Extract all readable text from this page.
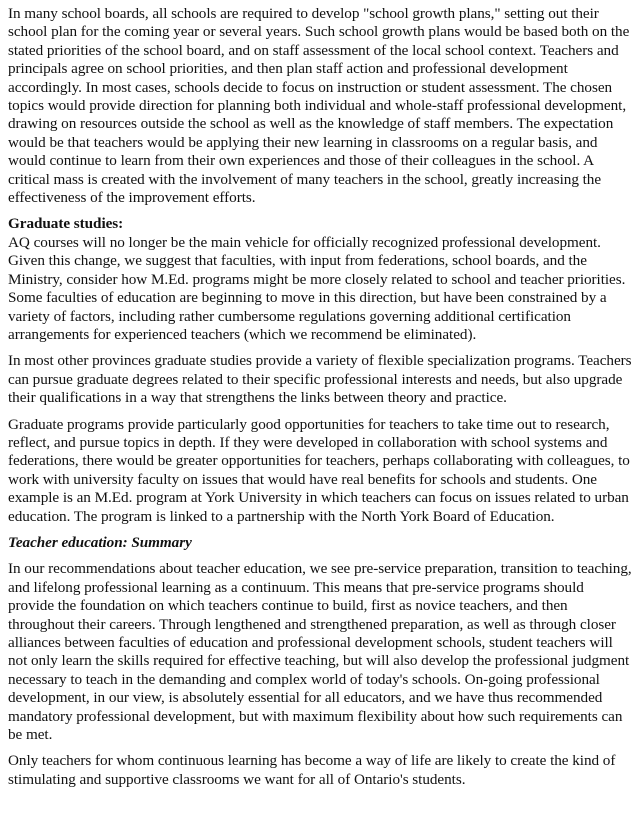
In many school boards, all schools are required to develop "school growth plans," setting out their school plan for the coming year or several years. Such school growth plans would be based both on the stated priorities of the school board, and on staff assessment of the local school context. Teachers and principals agree on school priorities, and then plan staff action and professional development accordingly. In most cases, schools decide to focus on instruction or student assessment. The chosen topics would provide direction for planning both individual and whole-staff professional development, drawing on resources outside the school as well as the knowledge of staff members. The expectation would be that teachers would be applying their new learning in classrooms on a regular basis, and would continue to learn from their own experiences and those of their colleagues in the school. A critical mass is created with the involvement of many teachers in the school, greatly increasing the effectiveness of the improvement efforts.

Graduate studies:

AQ courses will no longer be the main vehicle for officially recognized professional development. Given this change, we suggest that faculties, with input from federations, school boards, and the Ministry, consider how M.Ed. programs might be more closely related to school and teacher priorities. Some faculties of education are beginning to move in this direction, but have been constrained by a variety of factors, including rather cumbersome regulations governing additional certification arrangements for experienced teachers (which we recommend be eliminated).

In most other provinces graduate studies provide a variety of flexible specialization programs. Teachers can pursue graduate degrees related to their specific professional interests and needs, but also upgrade their qualifications in a way that strengthens the links between theory and practice.

Graduate programs provide particularly good opportunities for teachers to take time out to research, reflect, and pursue topics in depth. If they were developed in collaboration with school systems and federations, there would be greater opportunities for teachers, perhaps collaborating with colleagues, to work with university faculty on issues that would have real benefits for schools and students. One example is an M.Ed. program at York University in which teachers can focus on issues related to urban education. The program is linked to a partnership with the North York Board of Education.

Teacher education: Summary

In our recommendations about teacher education, we see pre-service preparation, transition to teaching, and lifelong professional learning as a continuum. This means that pre-service programs should provide the foundation on which teachers continue to build, first as novice teachers, and then throughout their careers. Through lengthened and strengthened preparation, as well as through closer alliances between faculties of education and professional development schools, student teachers will not only learn the skills required for effective teaching, but will also develop the professional judgment necessary to teach in the demanding and complex world of today's schools. On-going professional development, in our view, is absolutely essential for all educators, and we have thus recommended mandatory professional development, but with maximum flexibility about how such requirements can be met.

Only teachers for whom continuous learning has become a way of life are likely to create the kind of stimulating and supportive classrooms we want for all of Ontario's students.
